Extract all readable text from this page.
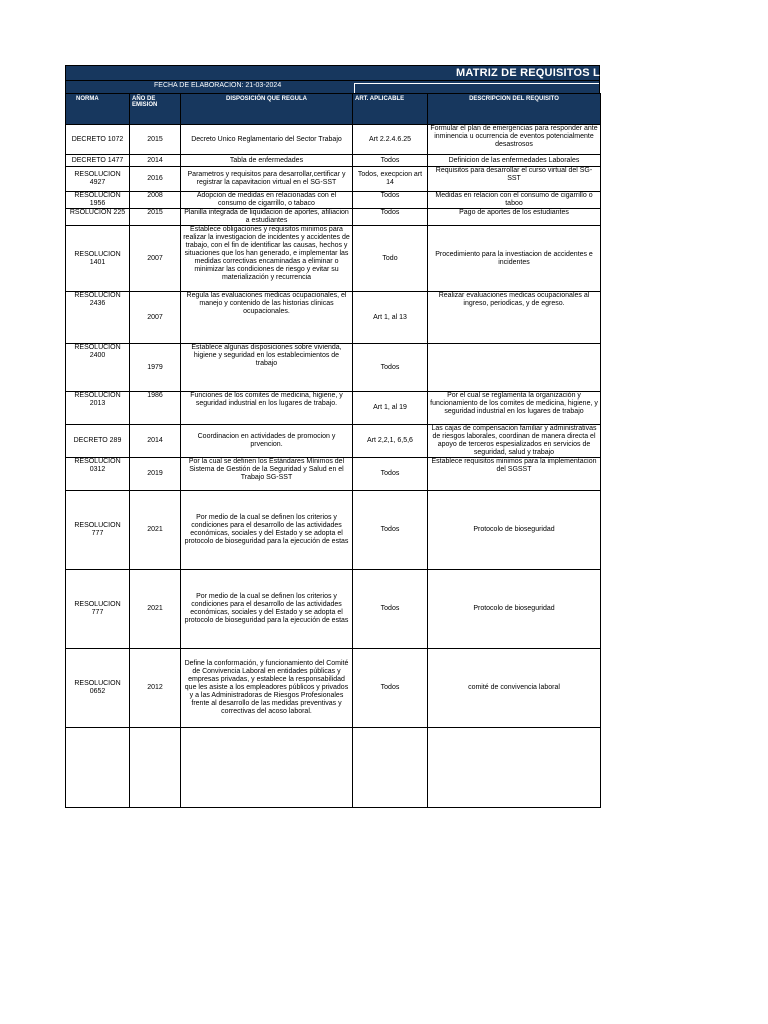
MATRIZ DE REQUISITOS LEG
FECHA DE ELABORACION: 21-03-2024
NORMA	AÑO DE EMISION	DISPOSICIÓN QUE REGULA	ART. APLICABLE	DESCRIPCION DEL REQUISITO
DECRETO 1072	2015	Decreto Unico Reglamentario del Sector Trabajo	Art 2.2.4.6.25	Formular el plan de emergencias para responder ante inminencia u ocurrencia de eventos potencialmente desastrosos
DECRETO 1477	2014	Tabla de enfermedades	Todos	Definicion de las enfermedades Laborales
RESOLUCION 4927	2016	Parametros y requisitos para desarrollar,certificar y registrar la capavitacion virtual en el SG-SST	Todos, execpcion art 14	Requisitos para desarrollar el curso virtual del SG-SST
RESOLUCION 1956	2008	Adopcion de medidas en relacionadas con el consumo de cigarrillo, o tabaco	Todos	Medidas en relacion con el consumo de cigarrillo o taboo
RSOLUCION 225	2015	Planilla integrada de liquidacion de aportes, afiliacion a estudiantes	Todos	Pago de aportes de los estudiantes
RESOLUCION 1401	2007	Establece obligaciones y requisitos minimos para realizar la investigacion de incidentes y accidentes de trabajo, con el fin de identificar las causas, hechos y situaciones que los han generado, e implementar las medidas correctivas encaminadas a eliminar o minimizar las condiciones de riesgo y evitar su materialización y recurrencia	Todo	Procedimiento para la investiacion de accidentes e incidentes
RESOLUCION 2436	2007	Regula las evaluaciones medicas ocupacionales, el manejo y contenido de las historias clinicas ocupacionales.	Art 1, al 13	Realizar evaluaciones medicas ocupacionales al ingreso, periodicas, y de egreso.
RESOLUCION 2400	1979	Establece algunas disposiciones sobre vivienda, higiene y seguridad en los establecimientos de trabajo	Todos	
RESOLUCION 2013	1986	Funciones de los comites de medicina, higiene, y seguridad industrial en los lugares de trabajo.	Art 1, al 19	Por el cual se reglamenta la organización y funcionamiento de los comites de medicina, higiene, y seguridad industrial en los lugares de trabajo
DECRETO 289	2014	Coordinacion en actividades de promocion y prvencion.	Art 2,2,1, 6,5,6	Las cajas de compensacion familiar y administrativas de riesgos laborales, coordinan de manera directa el apoyo de terceros espesializados en servicios de seguridad, salud y trabajo
RESOLUCION 0312	2019	Por la cual se definen los Estándares Mínimos del Sistema de Gestión de la Seguridad y Salud en el Trabajo SG-SST	Todos	Establece requisitos minimos para la implementacion del SGSST
RESOLUCION 777	2021	Por medio de la cual se definen los criterios y condiciones para el desarrollo de las actividades económicas, sociales y del Estado y se adopta el protocolo de bioseguridad para la ejecución de estas	Todos	Protocolo de bioseguridad
RESOLUCION 777	2021	Por medio de la cual se definen los criterios y condiciones para el desarrollo de las actividades económicas, sociales y del Estado y se adopta el protocolo de bioseguridad para la ejecución de estas	Todos	Protocolo de bioseguridad
RESOLUCION 0652	2012	Define la conformación, y funcionamiento del Comité de Convivencia Laboral en entidades públicas y empresas privadas, y establece la responsabilidad que les asiste a los empleadores públicos y privados y a las Administradoras de Riesgos Profesionales frente al desarrollo de las medidas preventivas y correctivas del acoso laboral.	Todos	comité de convivencia laboral
